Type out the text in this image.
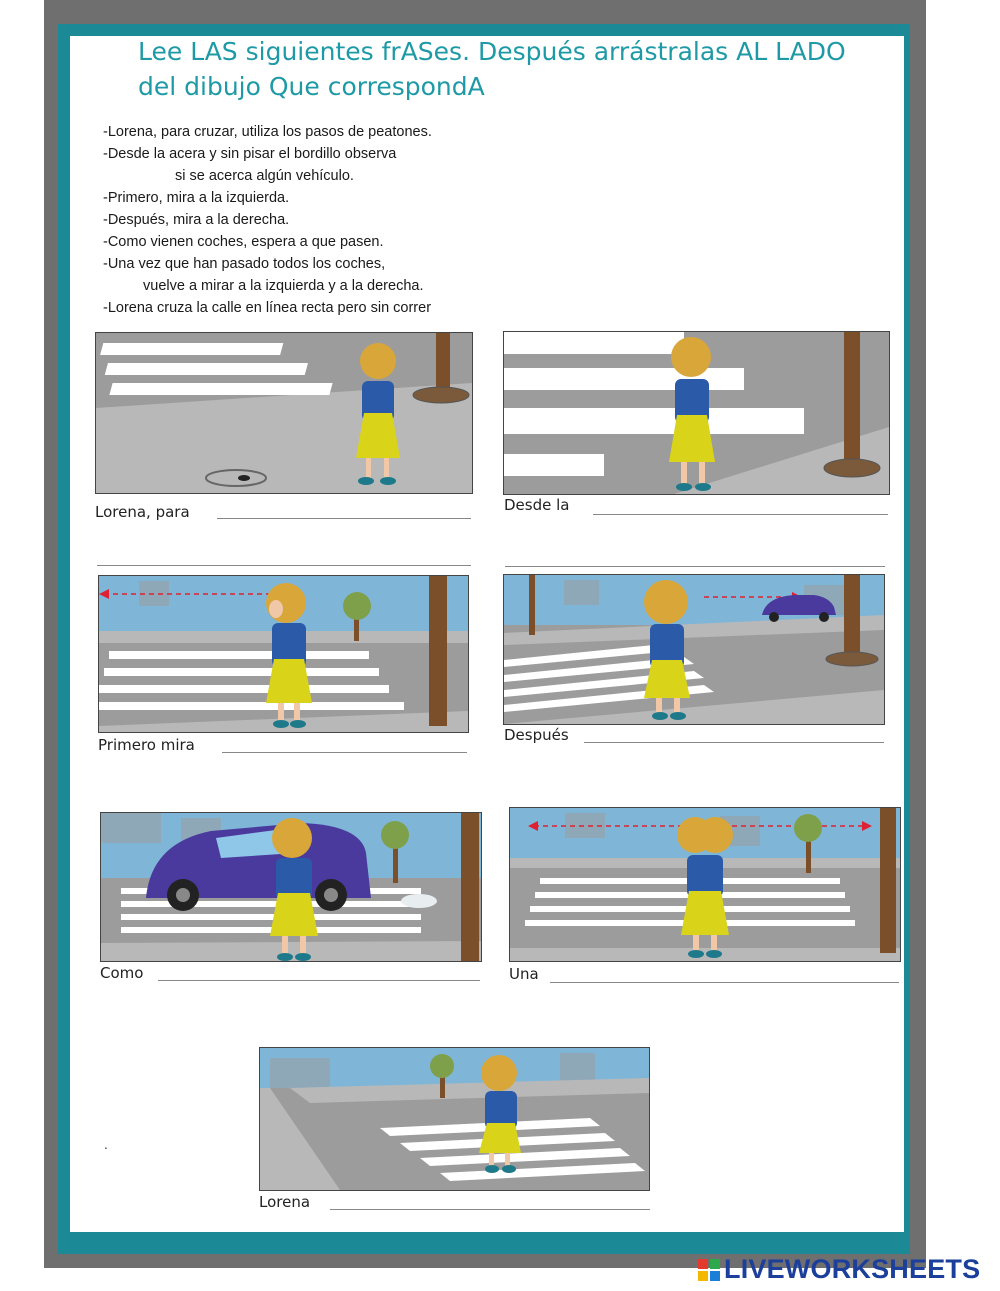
Lee LAS siguientes frASes. Después arrástralas AL LADO
del dibujo Que correspondA
-Lorena, para cruzar, utiliza los pasos de peatones.
-Desde la acera y sin pisar el bordillo observa
si se acerca algún vehículo.
-Primero, mira a la izquierda.
-Después, mira a la derecha.
-Como vienen coches, espera a que pasen.
-Una vez que han pasado todos los coches,
vuelve a mirar a la izquierda y a la derecha.
-Lorena cruza la calle en línea recta pero sin correr
Lorena, para	Desde la
Primero mira
Después
Como	Una
Lorena
.
LIVEWORKSHEETS
